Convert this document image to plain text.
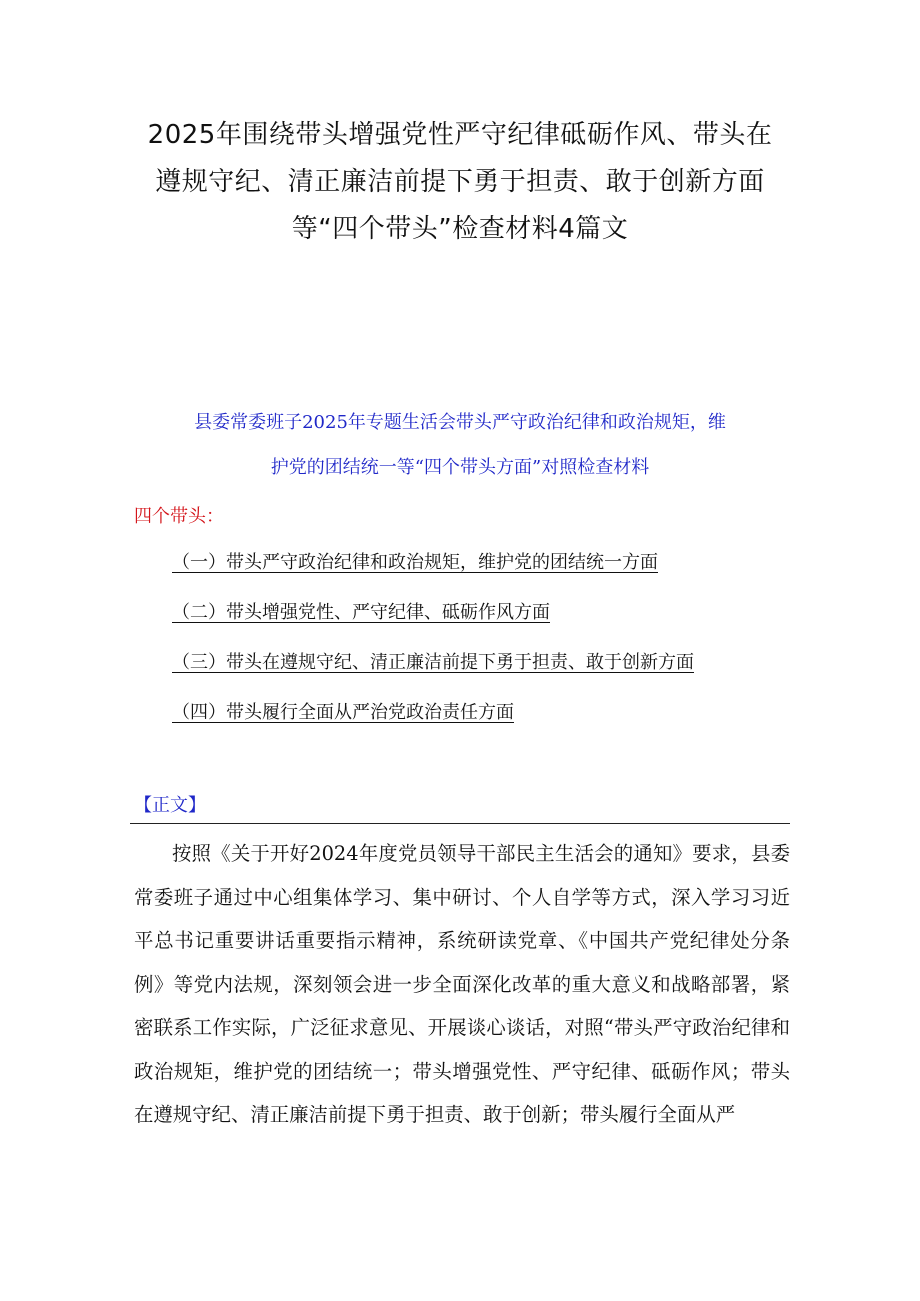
2025年围绕带头增强党性严守纪律砥砺作风、带头在
遵规守纪、清正廉洁前提下勇于担责、敢于创新方面
等“四个带头”检查材料4篇文
县委常委班子2025年专题生活会带头严守政治纪律和政治规矩，维
护党的团结统一等“四个带头方面”对照检查材料

四个带头：

（一）带头严守政治纪律和政治规矩，维护党的团结统一方面
（二）带头增强党性、严守纪律、砥砺作风方面
（三）带头在遵规守纪、清正廉洁前提下勇于担责、敢于创新方面
（四）带头履行全面从严治党政治责任方面

【正文】

按照《关于开好2024年度党员领导干部民主生活会的通知》要求，县委常委班子通过中心组集体学习、集中研讨、个人自学等方式，深入学习习近平总书记重要讲话重要指示精神，系统研读党章、《中国共产党纪律处分条例》等党内法规，深刻领会进一步全面深化改革的重大意义和战略部署，紧密联系工作实际，广泛征求意见、开展谈心谈话，对照“带头严守政治纪律和政治规矩，维护党的团结统一；带头增强党性、严守纪律、砥砺作风；带头在遵规守纪、清正廉洁前提下勇于担责、敢于创新；带头履行全面从严
